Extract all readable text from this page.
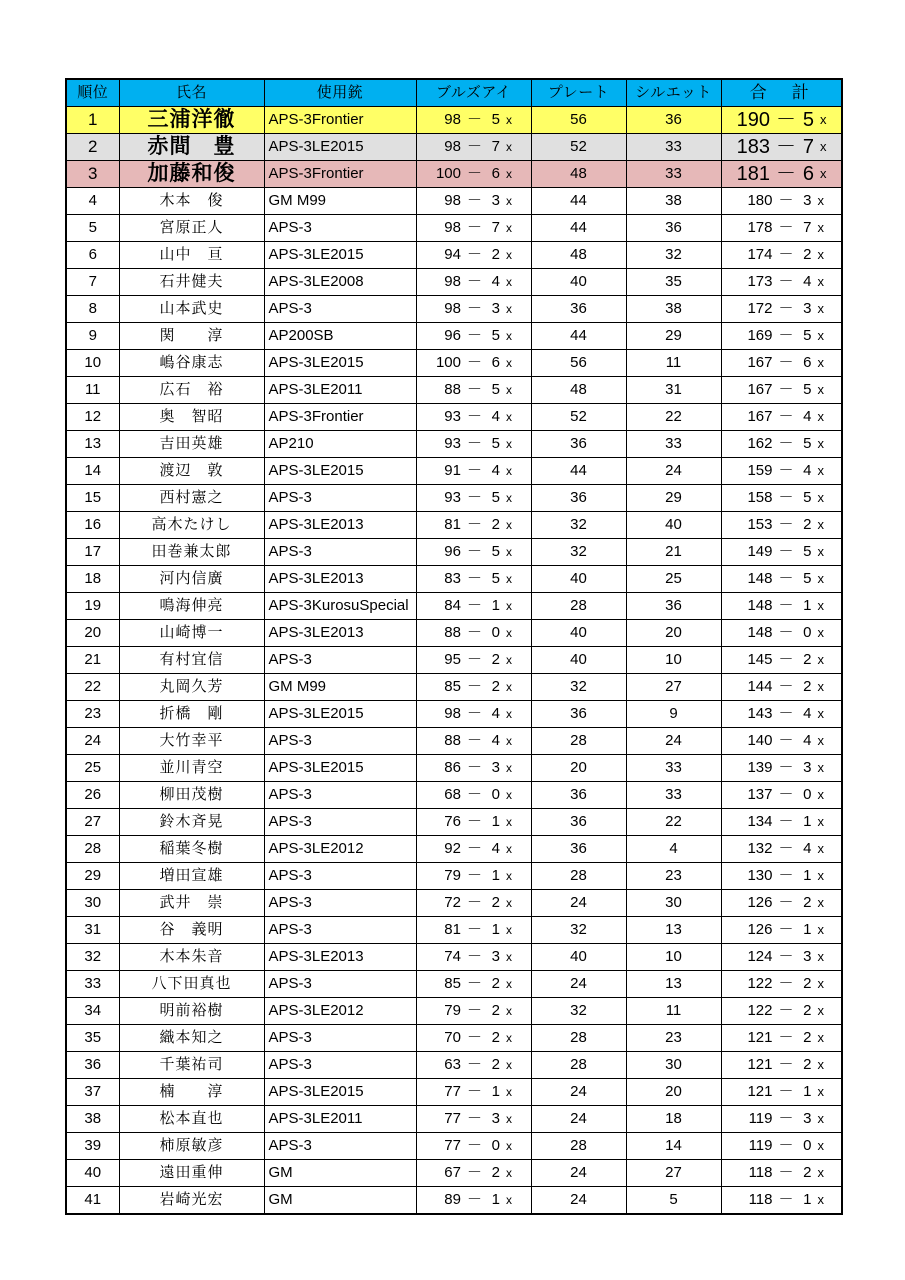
順位	氏名	使用銃	ブルズアイ	プレート	シルエット	合　計
1	三浦洋徹	APS-3Frontier	98 － 5 x	56	36	190 － 5 x

2	赤間　豊	APS-3LE2015	98 － 7 x	52	33	183 － 7 x

3	加藤和俊	APS-3Frontier	100 － 6 x	48	33	181 － 6 x

4	木本　俊	GM M99	98 － 3 x	44	38	180 － 3 x

5	宮原正人	APS-3	98 － 7 x	44	36	178 － 7 x

6	山中　亘	APS-3LE2015	94 － 2 x	48	32	174 － 2 x

7	石井健夫	APS-3LE2008	98 － 4 x	40	35	173 － 4 x

8	山本武史	APS-3	98 － 3 x	36	38	172 － 3 x

9	関　　淳	AP200SB	96 － 5 x	44	29	169 － 5 x

10	嶋谷康志	APS-3LE2015	100 － 6 x	56	11	167 － 6 x

11	広石　裕	APS-3LE2011	88 － 5 x	48	31	167 － 5 x

12	奥　智昭	APS-3Frontier	93 － 4 x	52	22	167 － 4 x

13	吉田英雄	AP210	93 － 5 x	36	33	162 － 5 x

14	渡辺　敦	APS-3LE2015	91 － 4 x	44	24	159 － 4 x

15	西村憲之	APS-3	93 － 5 x	36	29	158 － 5 x

16	高木たけし	APS-3LE2013	81 － 2 x	32	40	153 － 2 x

17	田巻兼太郎	APS-3	96 － 5 x	32	21	149 － 5 x

18	河内信廣	APS-3LE2013	83 － 5 x	40	25	148 － 5 x

19	鳴海伸亮	APS-3KurosuSpecial	84 － 1 x	28	36	148 － 1 x

20	山崎博一	APS-3LE2013	88 － 0 x	40	20	148 － 0 x

21	有村宜信	APS-3	95 － 2 x	40	10	145 － 2 x

22	丸岡久芳	GM M99	85 － 2 x	32	27	144 － 2 x

23	折橋　剛	APS-3LE2015	98 － 4 x	36	9	143 － 4 x

24	大竹幸平	APS-3	88 － 4 x	28	24	140 － 4 x

25	並川青空	APS-3LE2015	86 － 3 x	20	33	139 － 3 x

26	柳田茂樹	APS-3	68 － 0 x	36	33	137 － 0 x

27	鈴木斉晃	APS-3	76 － 1 x	36	22	134 － 1 x

28	稲葉冬樹	APS-3LE2012	92 － 4 x	36	4	132 － 4 x

29	増田宣雄	APS-3	79 － 1 x	28	23	130 － 1 x

30	武井　崇	APS-3	72 － 2 x	24	30	126 － 2 x

31	谷　義明	APS-3	81 － 1 x	32	13	126 － 1 x

32	木本朱音	APS-3LE2013	74 － 3 x	40	10	124 － 3 x

33	八下田真也	APS-3	85 － 2 x	24	13	122 － 2 x

34	明前裕樹	APS-3LE2012	79 － 2 x	32	11	122 － 2 x

35	織本知之	APS-3	70 － 2 x	28	23	121 － 2 x

36	千葉祐司	APS-3	63 － 2 x	28	30	121 － 2 x

37	楠　　淳	APS-3LE2015	77 － 1 x	24	20	121 － 1 x

38	松本直也	APS-3LE2011	77 － 3 x	24	18	119 － 3 x

39	柿原敏彦	APS-3	77 － 0 x	28	14	119 － 0 x

40	遠田重伸	GM	67 － 2 x	24	27	118 － 2 x

41	岩崎光宏	GM	89 － 1 x	24	5	118 － 1 x
